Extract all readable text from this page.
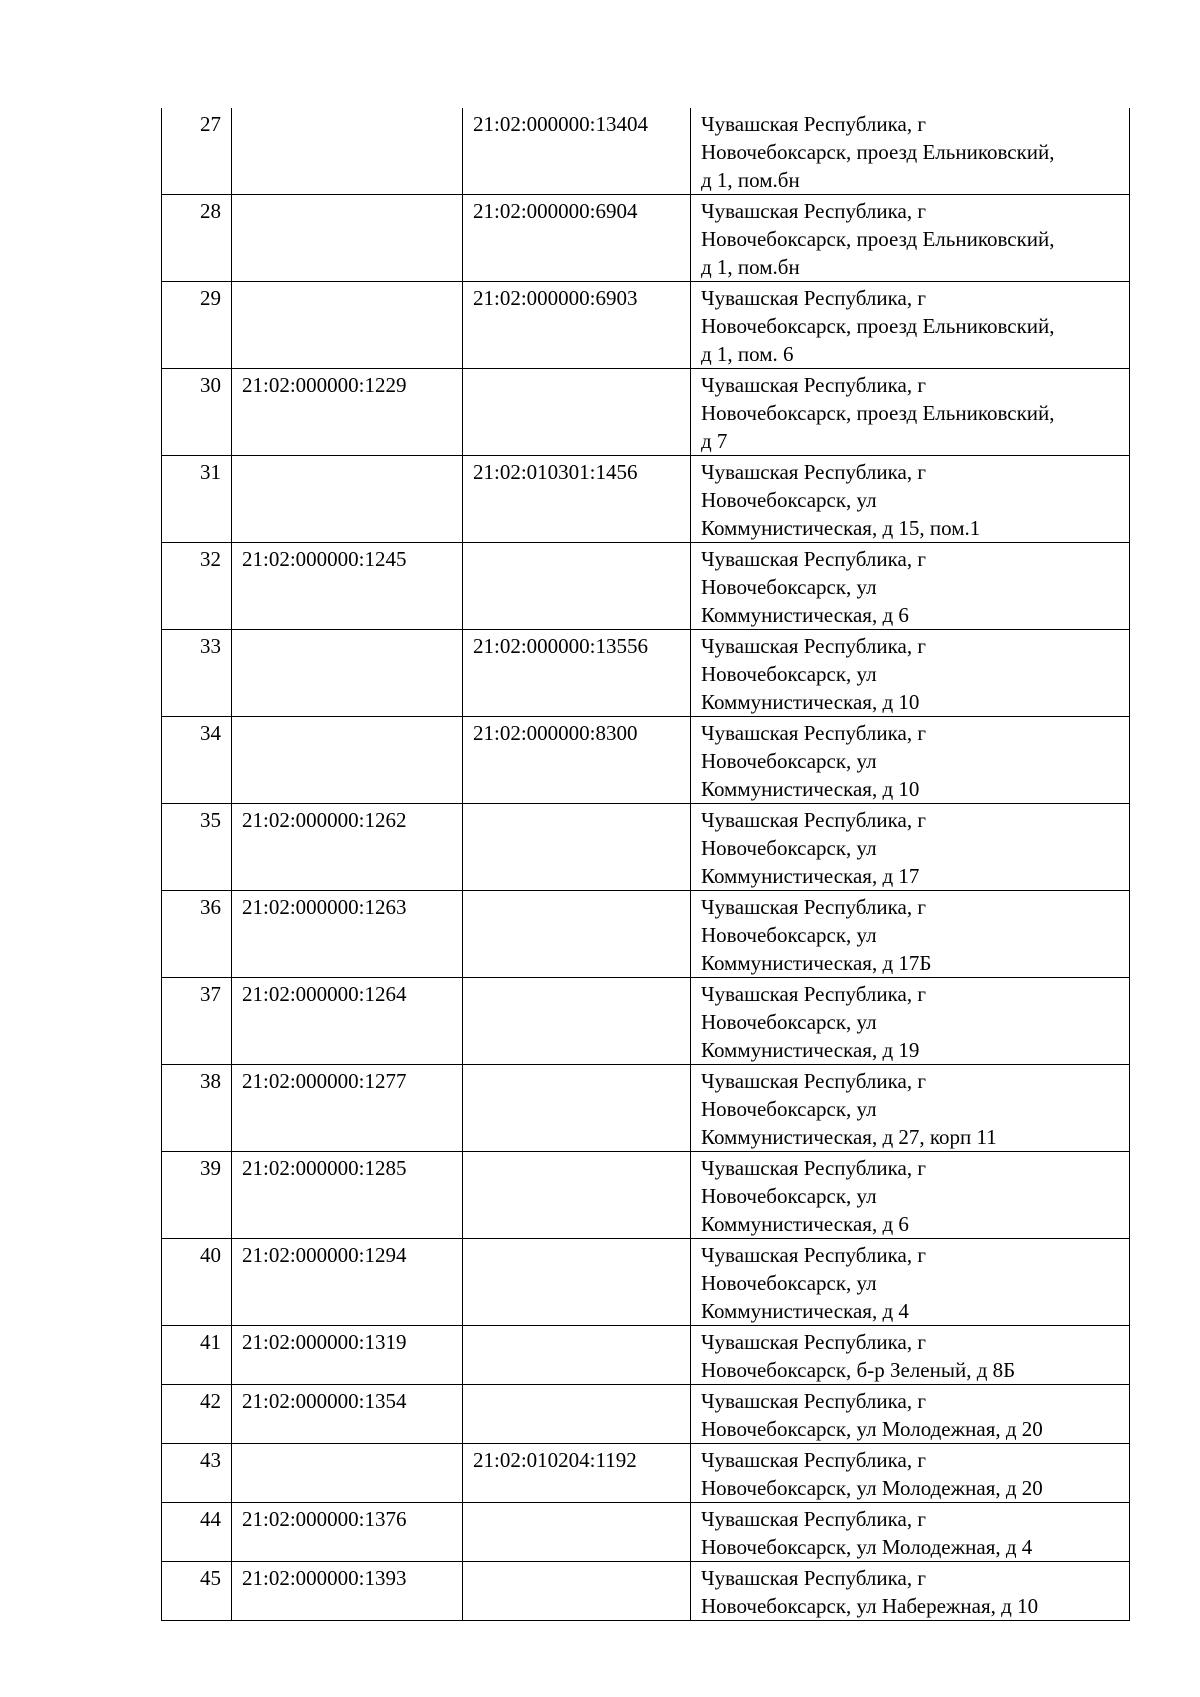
27		21:02:000000:13404	Чувашская Республика, г
Новочебоксарск, проезд Ельниковский,
д 1, пом.бн

28		21:02:000000:6904	Чувашская Республика, г
Новочебоксарск, проезд Ельниковский,
д 1, пом.бн

29		21:02:000000:6903	Чувашская Республика, г
Новочебоксарск, проезд Ельниковский,
д 1, пом. 6

30	21:02:000000:1229		Чувашская Республика, г
Новочебоксарск, проезд Ельниковский,
д 7

31		21:02:010301:1456	Чувашская Республика, г
Новочебоксарск, ул
Коммунистическая, д 15, пом.1

32	21:02:000000:1245		Чувашская Республика, г
Новочебоксарск, ул
Коммунистическая, д 6

33		21:02:000000:13556	Чувашская Республика, г
Новочебоксарск, ул
Коммунистическая, д 10

34		21:02:000000:8300	Чувашская Республика, г
Новочебоксарск, ул
Коммунистическая, д 10

35	21:02:000000:1262		Чувашская Республика, г
Новочебоксарск, ул
Коммунистическая, д 17

36	21:02:000000:1263		Чувашская Республика, г
Новочебоксарск, ул
Коммунистическая, д 17Б

37	21:02:000000:1264		Чувашская Республика, г
Новочебоксарск, ул
Коммунистическая, д 19

38	21:02:000000:1277		Чувашская Республика, г
Новочебоксарск, ул
Коммунистическая, д 27, корп 11

39	21:02:000000:1285		Чувашская Республика, г
Новочебоксарск, ул
Коммунистическая, д 6

40	21:02:000000:1294		Чувашская Республика, г
Новочебоксарск, ул
Коммунистическая, д 4

41	21:02:000000:1319		Чувашская Республика, г
Новочебоксарск, б-р Зеленый, д 8Б

42	21:02:000000:1354		Чувашская Республика, г
Новочебоксарск, ул Молодежная, д 20

43		21:02:010204:1192	Чувашская Республика, г
Новочебоксарск, ул Молодежная, д 20

44	21:02:000000:1376		Чувашская Республика, г
Новочебоксарск, ул Молодежная, д 4

45	21:02:000000:1393		Чувашская Республика, г
Новочебоксарск, ул Набережная, д 10
